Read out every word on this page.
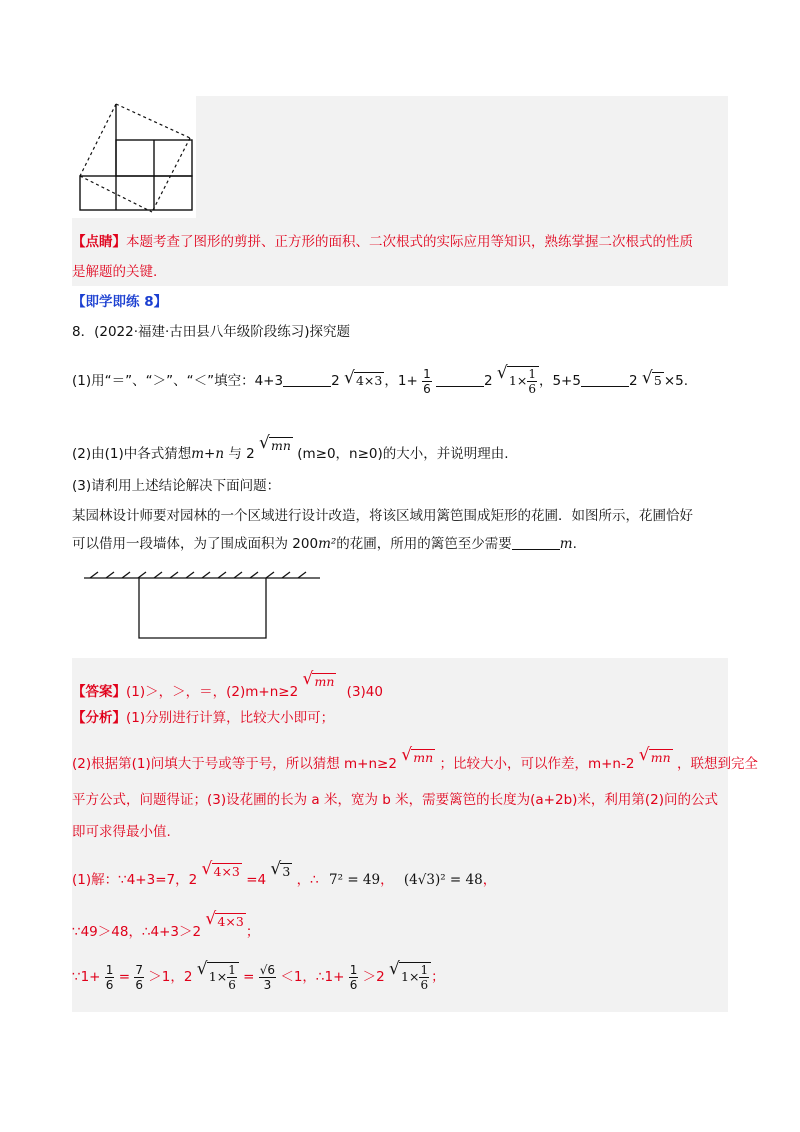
【点睛】本题考查了图形的剪拼、正方形的面积、二次根式的实际应用等知识，熟练掌握二次根式的性质
是解题的关键.
【即学即练 8】
8．(2022·福建·古田县八年级阶段练习)探究题
(1)用“＝”、“＞”、“＜”填空：4+3	2 √ 4×3 ，$1+ \frac{1}{6}$	2 √ $1\times \frac{1}{6}$ ，5+5	2 √ 5 ×5.
(2)由(1)中各式猜想m+n 与 2 √ mn (m≥0，n≥0)的大小，并说明理由.
(3)请利用上述结论解决下面问题：
某园林设计师要对园林的一个区域进行设计改造，将该区域用篱笆围成矩形的花圃．如图所示，花圃恰好
可以借用一段墙体，为了围成面积为 200m²的花圃，所用的篱笆至少需要	m.
【答案】(1)＞，＞，＝，(2)m+n≥2 √ mn (3)40
【分析】(1)分别进行计算，比较大小即可；
(2)根据第(1)问填大于号或等于号，所以猜想 m+n≥2 √ mn ；比较大小，可以作差，m+n-2 √ mn ，联想到完全
平方公式，问题得证；(3)设花圃的长为 a 米，宽为 b 米，需要篱笆的长度为(a+2b)米，利用第(2)问的公式
即可求得最小值.
(1)解：∵4+3=7，2 √ 4×3 =4 √ 3 ，∴ 7² = 49， (4√3)² = 48，
∵49＞48，∴4+3＞2 √ 4×3；
∵1+ $\frac{1}{6} = \frac{7}{6} >1$，2 √ $1\times \frac{1}{6} = \frac{√6}{3} <1$，∴1+ $\frac{1}{6} >2$ √ $1\times \frac{1}{6}$ ；
